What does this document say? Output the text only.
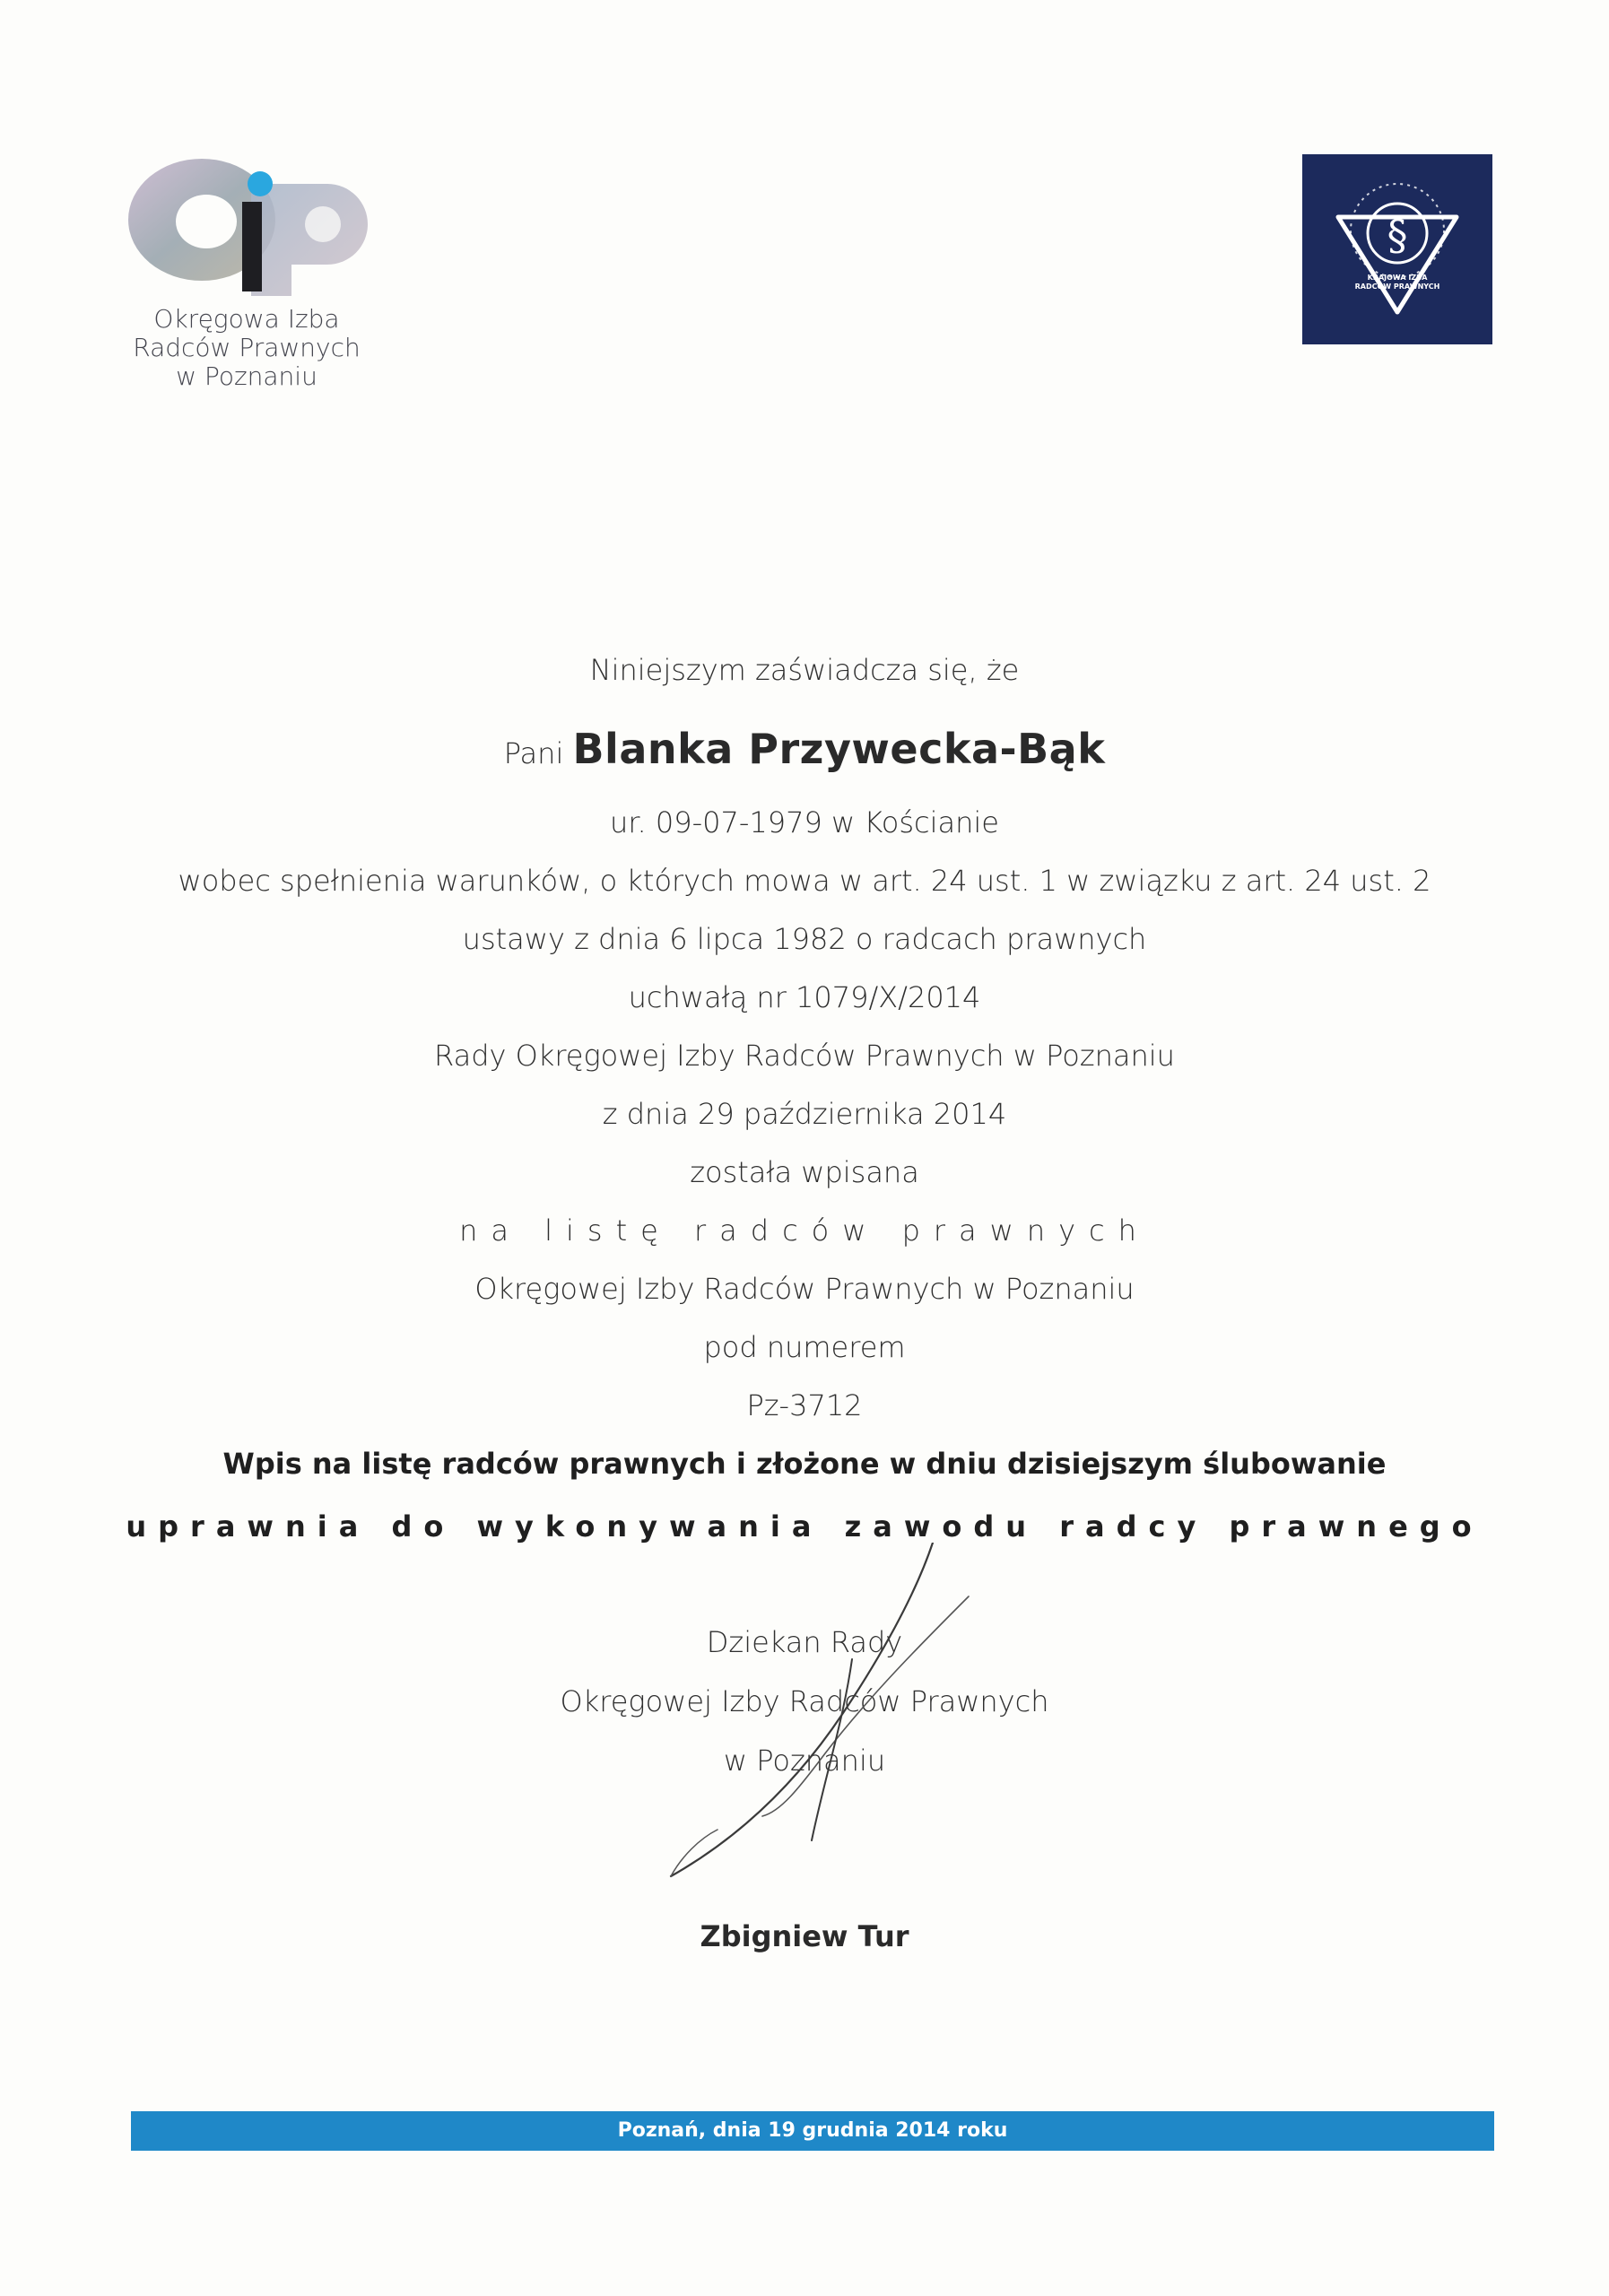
Okręgowa Izba
Radców Prawnych
w Poznaniu
§
KRAJOWA IZBA
RADCÓW PRAWNYCH
Niniejszym zaświadcza się, że
Pani Blanka Przywecka-Bąk
ur. 09-07-1979 w Kościanie
wobec spełnienia warunków, o których mowa w art. 24 ust. 1 w związku z art. 24 ust. 2
ustawy z dnia 6 lipca 1982 o radcach prawnych
uchwałą nr 1079/X/2014
Rady Okręgowej Izby Radców Prawnych w Poznaniu
z dnia 29 października 2014
została wpisana
na listę radców prawnych
Okręgowej Izby Radców Prawnych w Poznaniu
pod numerem
Pz-3712
Wpis na listę radców prawnych i złożone w dniu dzisiejszym ślubowanie
uprawnia do wykonywania zawodu radcy prawnego
Dziekan Rady
Okręgowej Izby Radców Prawnych
w Poznaniu
Zbigniew Tur
Poznań, dnia 19 grudnia 2014 roku
